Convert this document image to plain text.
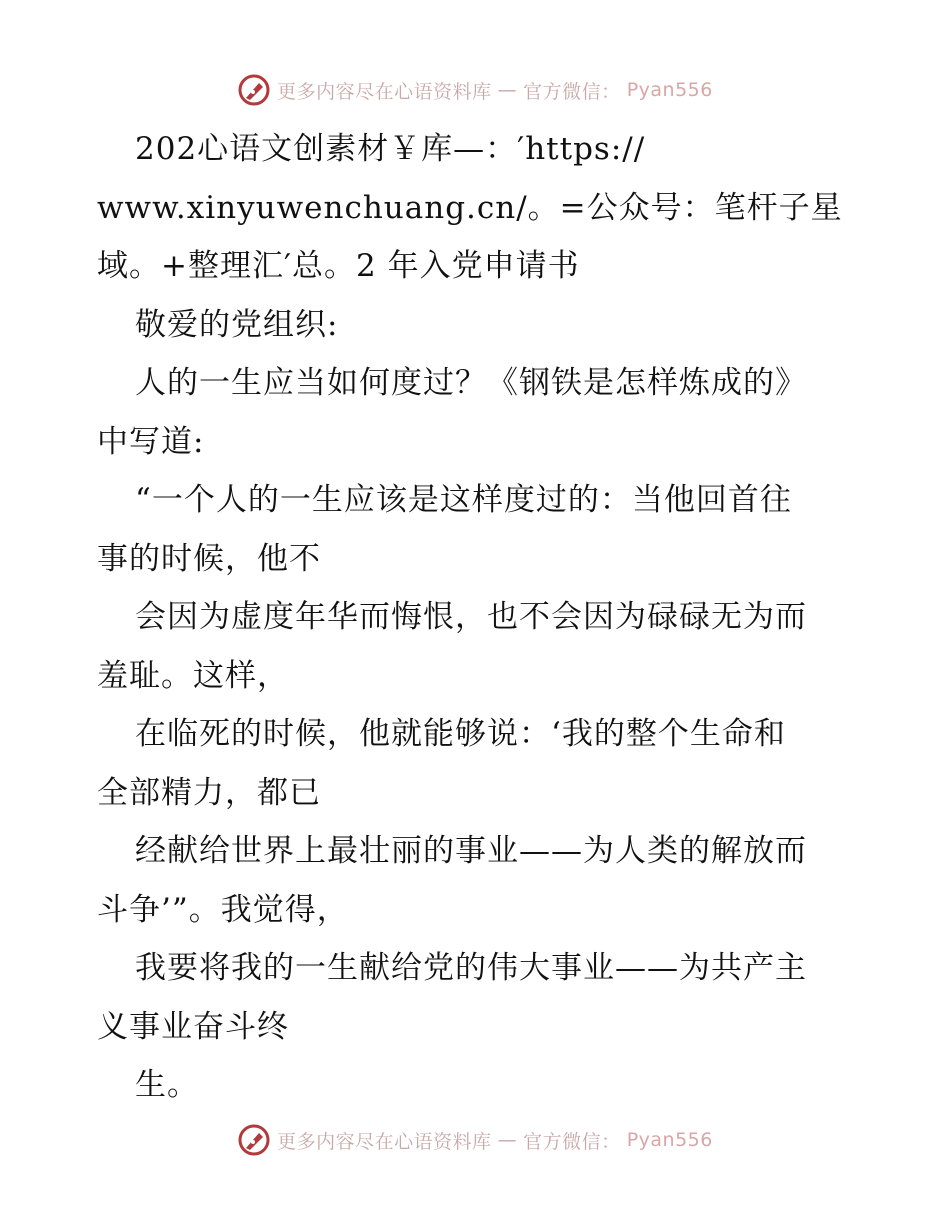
更多内容尽在心语资料库 — 官方微信： Pyan556
202心语文创素材￥库—：′https://
www.xinyuwenchuang.cn/。=公众号：笔杆子星
域。+整理汇′总。2 年入党申请书
敬爱的党组织:
人的一生应当如何度过？《钢铁是怎样炼成的》
中写道:
“一个人的一生应该是这样度过的：当他回首往
事的时候，他不
会因为虚度年华而悔恨，也不会因为碌碌无为而
羞耻。这样，
在临死的时候，他就能够说：‘我的整个生命和
全部精力，都已
经献给世界上最壮丽的事业——为人类的解放而
斗争’”。我觉得，
我要将我的一生献给党的伟大事业——为共产主
义事业奋斗终
生。
更多内容尽在心语资料库 — 官方微信： Pyan556
